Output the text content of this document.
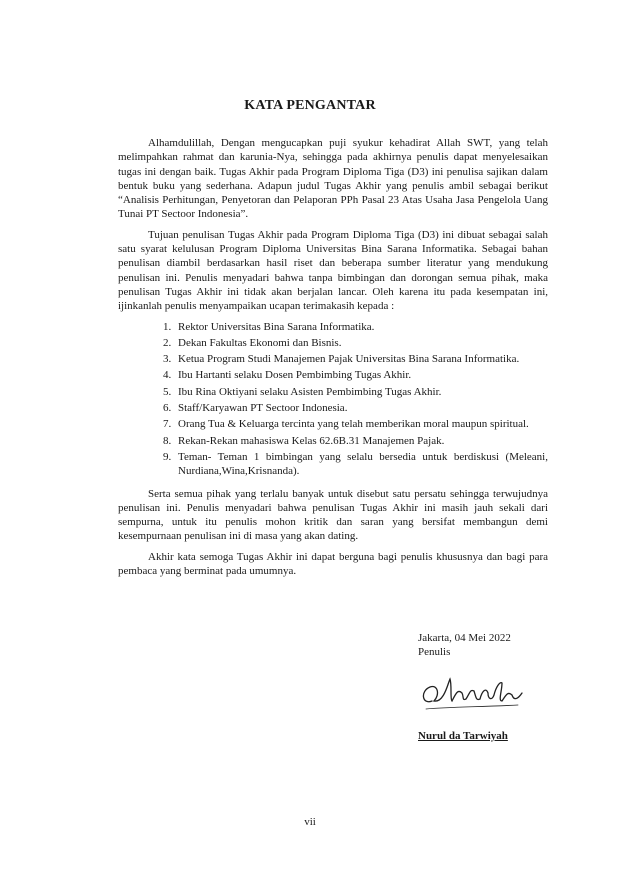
KATA PENGANTAR

Alhamdulillah, Dengan mengucapkan puji syukur kehadirat Allah SWT, yang telah melimpahkan rahmat dan karunia-Nya, sehingga pada akhirnya penulis dapat menyelesaikan tugas ini dengan baik. Tugas Akhir pada Program Diploma Tiga (D3) ini penulisa sajikan dalam bentuk buku yang sederhana. Adapun judul Tugas Akhir yang penulis ambil sebagai berikut “Analisis Perhitungan, Penyetoran dan Pelaporan PPh Pasal 23 Atas Usaha Jasa Pengelola Uang Tunai PT Sectoor Indonesia”.

Tujuan penulisan Tugas Akhir pada Program Diploma Tiga (D3) ini dibuat sebagai salah satu syarat kelulusan Program Diploma Universitas Bina Sarana Informatika. Sebagai bahan penulisan diambil berdasarkan hasil riset dan beberapa sumber literatur yang mendukung penulisan ini. Penulis menyadari bahwa tanpa bimbingan dan dorongan semua pihak, maka penulisan Tugas Akhir ini tidak akan berjalan lancar. Oleh karena itu pada kesempatan ini, ijinkanlah penulis menyampaikan ucapan terimakasih kepada :

1. Rektor Universitas Bina Sarana Informatika.
2. Dekan Fakultas Ekonomi dan Bisnis.
3. Ketua Program Studi Manajemen Pajak Universitas Bina Sarana Informatika.
4. Ibu Hartanti selaku Dosen Pembimbing Tugas Akhir.
5. Ibu Rina Oktiyani selaku Asisten Pembimbing Tugas Akhir.
6. Staff/Karyawan PT Sectoor Indonesia.
7. Orang Tua & Keluarga tercinta yang telah memberikan moral maupun spiritual.
8. Rekan-Rekan mahasiswa Kelas 62.6B.31 Manajemen Pajak.
9. Teman- Teman 1 bimbingan yang selalu bersedia untuk berdiskusi (Meleani, Nurdiana,Wina,Krisnanda).

Serta semua pihak yang terlalu banyak untuk disebut satu persatu sehingga terwujudnya penulisan ini. Penulis menyadari bahwa penulisan Tugas Akhir ini masih jauh sekali dari sempurna, untuk itu penulis mohon kritik dan saran yang bersifat membangun demi kesempurnaan penulisan ini di masa yang akan dating.

Akhir kata semoga Tugas Akhir ini dapat berguna bagi penulis khususnya dan bagi para pembaca yang berminat pada umumnya.

Jakarta, 04 Mei 2022
Penulis
Nurul da Tarwiyah
vii
